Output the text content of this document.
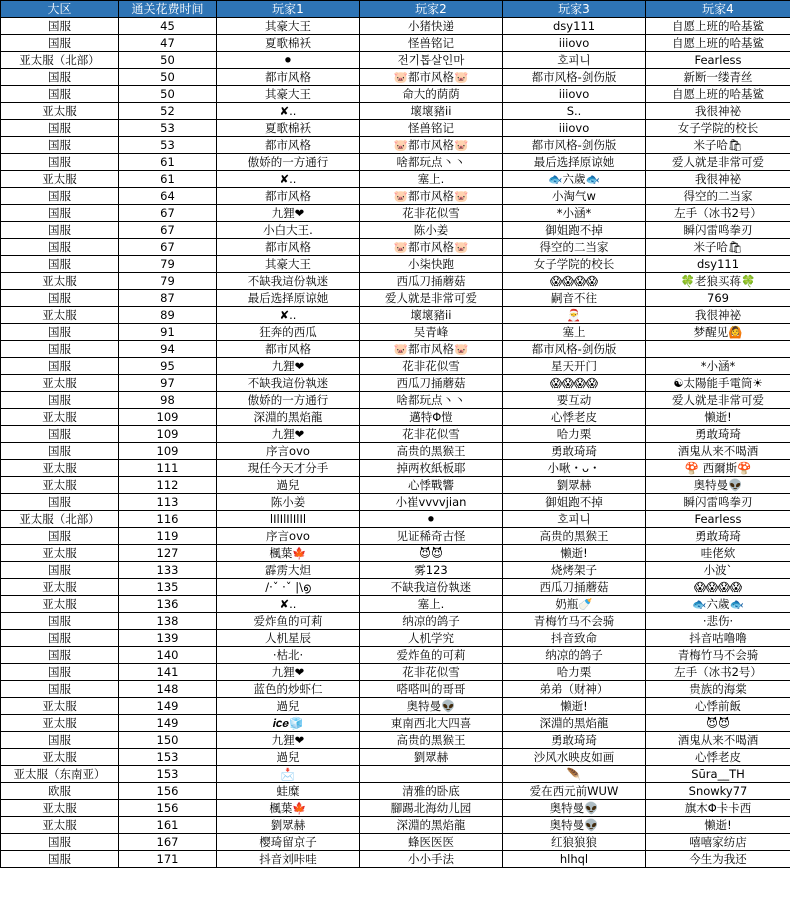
大区	通关花费时间	玩家1	玩家2	玩家3	玩家4
国服	45	其豪大王	小猪快递	dsy111	自愿上班的哈基鲨
国服	47	夏歌棉袄	怪兽铭记	iiiovo	自愿上班的哈基鲨
亚太服（北部）	50	⚫	전기톱살인마	호피니	Fearless
国服	50	都市风格	🐷都市风格🐷	都市风格-剑伤版	新断一缕青丝
国服	50	其豪大王	命大的荫荫	iiiovo	自愿上班的哈基鲨
亚太服	52	✘..	壞壞豬ii	S..	我很神祕
国服	53	夏歌棉袄	怪兽铭记	iiiovo	女子学院的校长
国服	53	都市风格	🐷都市风格🐷	都市风格-剑伤版	米子哈🛍
国服	61	傲娇的一方通行	啥都玩点丶丶	最后选择原谅她	爱人就是非常可爱
亚太服	61	✘..	塞上.	🐟六歲🐟	我很神祕
国服	64	都市风格	🐷都市风格🐷	小淘气w	得空的二当家
国服	67	九狸❤	花非花似雪	*小涵*	左手（冰书2号）
国服	67	小白大王.	陈小姜	御姐跑不掉	瞬闪雷鸣拳刃
国服	67	都市风格	🐷都市风格🐷	得空的二当家	米子哈🛍
国服	79	其豪大王	小柒快跑	女子学院的校长	dsy111
亚太服	79	不缺我這份執迷	西瓜刀捅蘑菇	😱😱😱😱	🍀老狼买蒋🍀
国服	87	最后选择原谅她	爱人就是非常可爱	嗣音不往	769
亚太服	89	✘..	壞壞豬ii	🎅	我很神祕
国服	91	狂奔的西瓜	吴青峰	塞上	梦醒见🙆
国服	94	都市风格	🐷都市风格🐷	都市风格-剑伤版	
国服	95	九狸❤	花非花似雪	星天开门	*小涵*
亚太服	97	不缺我這份執迷	西瓜刀捅蘑菇	😱😱😱😱	☯太陽能手電筒☀
国服	98	傲娇的一方通行	啥都玩点丶丶	要互动	爱人就是非常可爱
亚太服	109	深淵的黑焰龍	邁特Φ愷	心悸老皮	懒逝!
国服	109	九狸❤	花非花似雪	哈力栗	勇敢琦琦
国服	109	序言ovo	高贵的黑猴王	勇敢琦琦	酒鬼从来不喝酒
亚太服	111	現任今天才分手	掉两枚紙板耶	小啾・ᴗ・	🍄 西爾斯🍄
亚太服	112	過兒	心悸戰響	劉眾赫	奥特曼👽
国服	113	陈小姜	小崔vvvvjian	御姐跑不掉	瞬闪雷鸣拳刃
亚太服（北部）	116	lIlIlIlIlIl	⚫	호피니	Fearless
国服	119	序言ovo	见证稀奇古怪	高贵的黑猴王	勇敢琦琦
亚太服	127	楓葉🍁	😈😈	懒逝!	哇佬欸
国服	133	霹雳大炟	雾123	烧烤架子	小波`
亚太服	135	/·ˇ ·ˇ |\൭	不缺我這份執迷	西瓜刀捅蘑菇	😱😱😱😱
亚太服	136	✘..	塞上.	奶瓶🍼	🐟六歲🐟
国服	138	爱炸鱼的可莉	纳凉的鸽子	青梅竹马不会骑	·悲伤·
国服	139	人机星辰	人机学究	抖音致命	抖音咕噜噜
国服	140	·枯北·	爱炸鱼的可莉	纳凉的鸽子	青梅竹马不会骑
国服	141	九狸❤	花非花似雪	哈力栗	左手（冰书2号）
国服	148	蓝色的炒虾仁	嗒嗒叫的哥哥	弟弟（财神）	贵族的海棠
亚太服	149	過兒	奥特曼👽	懒逝!	心悸前飯
亚太服	149	𝒊𝒄𝒆🧊	東南西北大四喜	深淵的黑焰龍	😈😈
国服	150	九狸❤	高贵的黑猴王	勇敢琦琦	酒鬼从来不喝酒
亚太服	153	過兒	劉眾赫	沙风水映皮如画	心悸老皮
亚太服（东南亚）	153	📩		🪶	Sūra__TH
欧服	156	蛙糜	清雅的卧底	爱在西元前WUW	Snowky77
亚太服	156	楓葉🍁	腳踢北海幼儿园	奥特曼👽	旗木Φ卡卡西
亚太服	161	劉眾赫	深淵的黑焰龍	奥特曼👽	懒逝!
国服	167	樱琦留京子	蜂医医医	红狼狼狼	嘻嘻家纺店
国服	171	抖音刘咔哇	小小手法	hlhql	今生为我还
